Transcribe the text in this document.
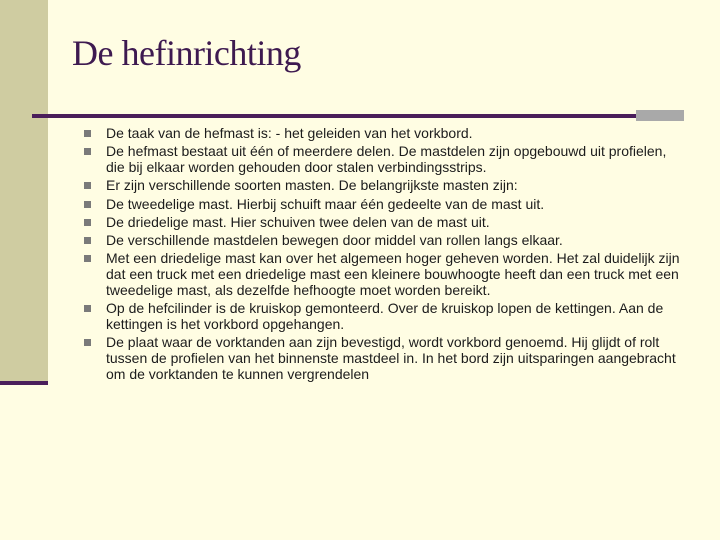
De hefinrichting
De taak van de hefmast is: - het geleiden van het vorkbord.
De hefmast bestaat uit één of meerdere delen. De mastdelen zijn opgebouwd uit profielen, die bij elkaar worden gehouden door stalen verbindingsstrips.
Er zijn verschillende soorten masten. De belangrijkste masten zijn:
De tweedelige mast. Hierbij schuift maar één gedeelte van de mast uit.
De driedelige mast. Hier schuiven twee delen van de mast uit.
De verschillende mastdelen bewegen door middel van rollen langs elkaar.
Met een driedelige mast kan over het algemeen hoger geheven worden. Het zal duidelijk zijn dat een truck met een driedelige mast een kleinere bouwhoogte heeft dan een truck met een tweedelige mast, als dezelfde hefhoogte moet worden bereikt.
Op de hefcilinder is de kruiskop gemonteerd. Over de kruiskop lopen de kettingen. Aan de kettingen is het vorkbord opgehangen.
De plaat waar de vorktanden aan zijn bevestigd, wordt vorkbord genoemd. Hij glijdt of rolt tussen de profielen van het binnenste mastdeel in. In het bord zijn uitsparingen aangebracht om de vorktanden te kunnen vergrendelen
